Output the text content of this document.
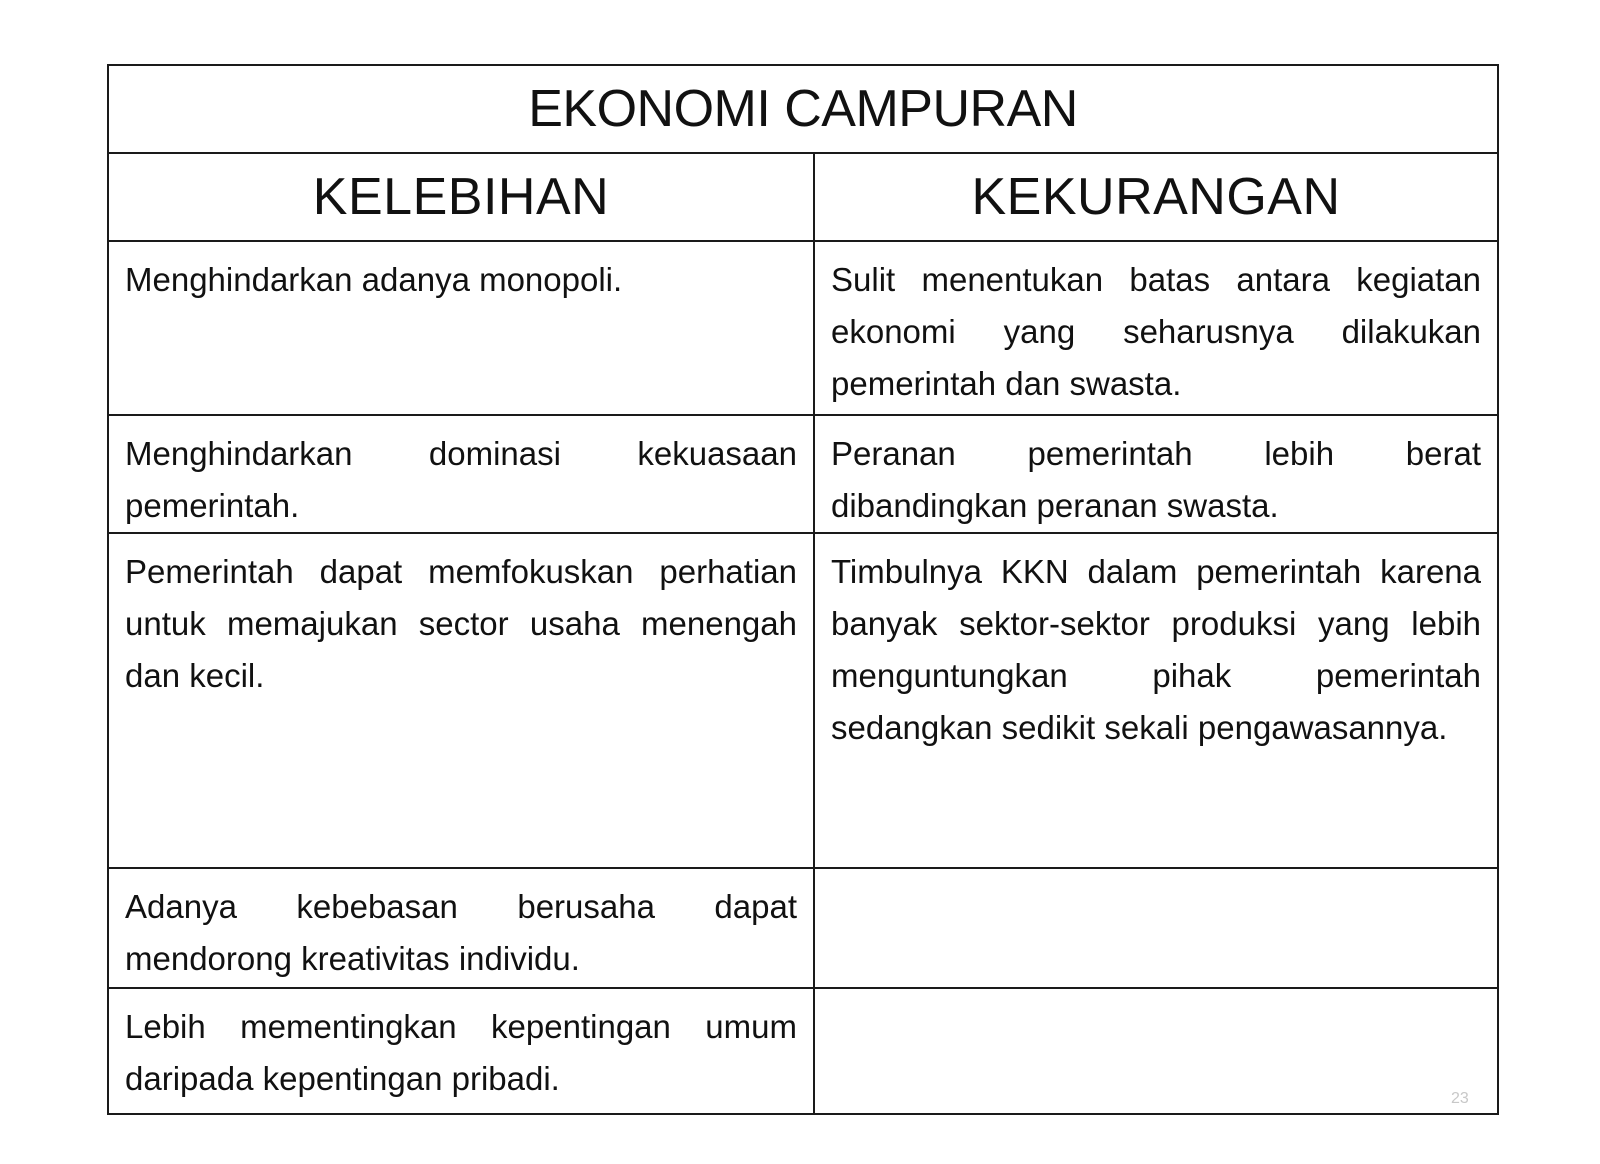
EKONOMI CAMPURAN	
KELEBIHAN	KEKURANGAN

Menghindarkan adanya monopoli.	Sulit menentukan batas antara kegiatan ekonomi yang seharusnya dilakukan pemerintah dan swasta.

Menghindarkan dominasi kekuasaan pemerintah.	Peranan pemerintah lebih berat dibandingkan peranan swasta.

Pemerintah dapat memfokuskan perhatian untuk memajukan sector usaha menengah dan kecil.	Timbulnya KKN dalam pemerintah karena banyak sektor-sektor produksi yang lebih menguntungkan pihak pemerintah sedangkan sedikit sekali pengawasannya.

Adanya kebebasan berusaha dapat mendorong kreativitas individu.	

Lebih mementingkan kepentingan umum daripada kepentingan pribadi.	

23
